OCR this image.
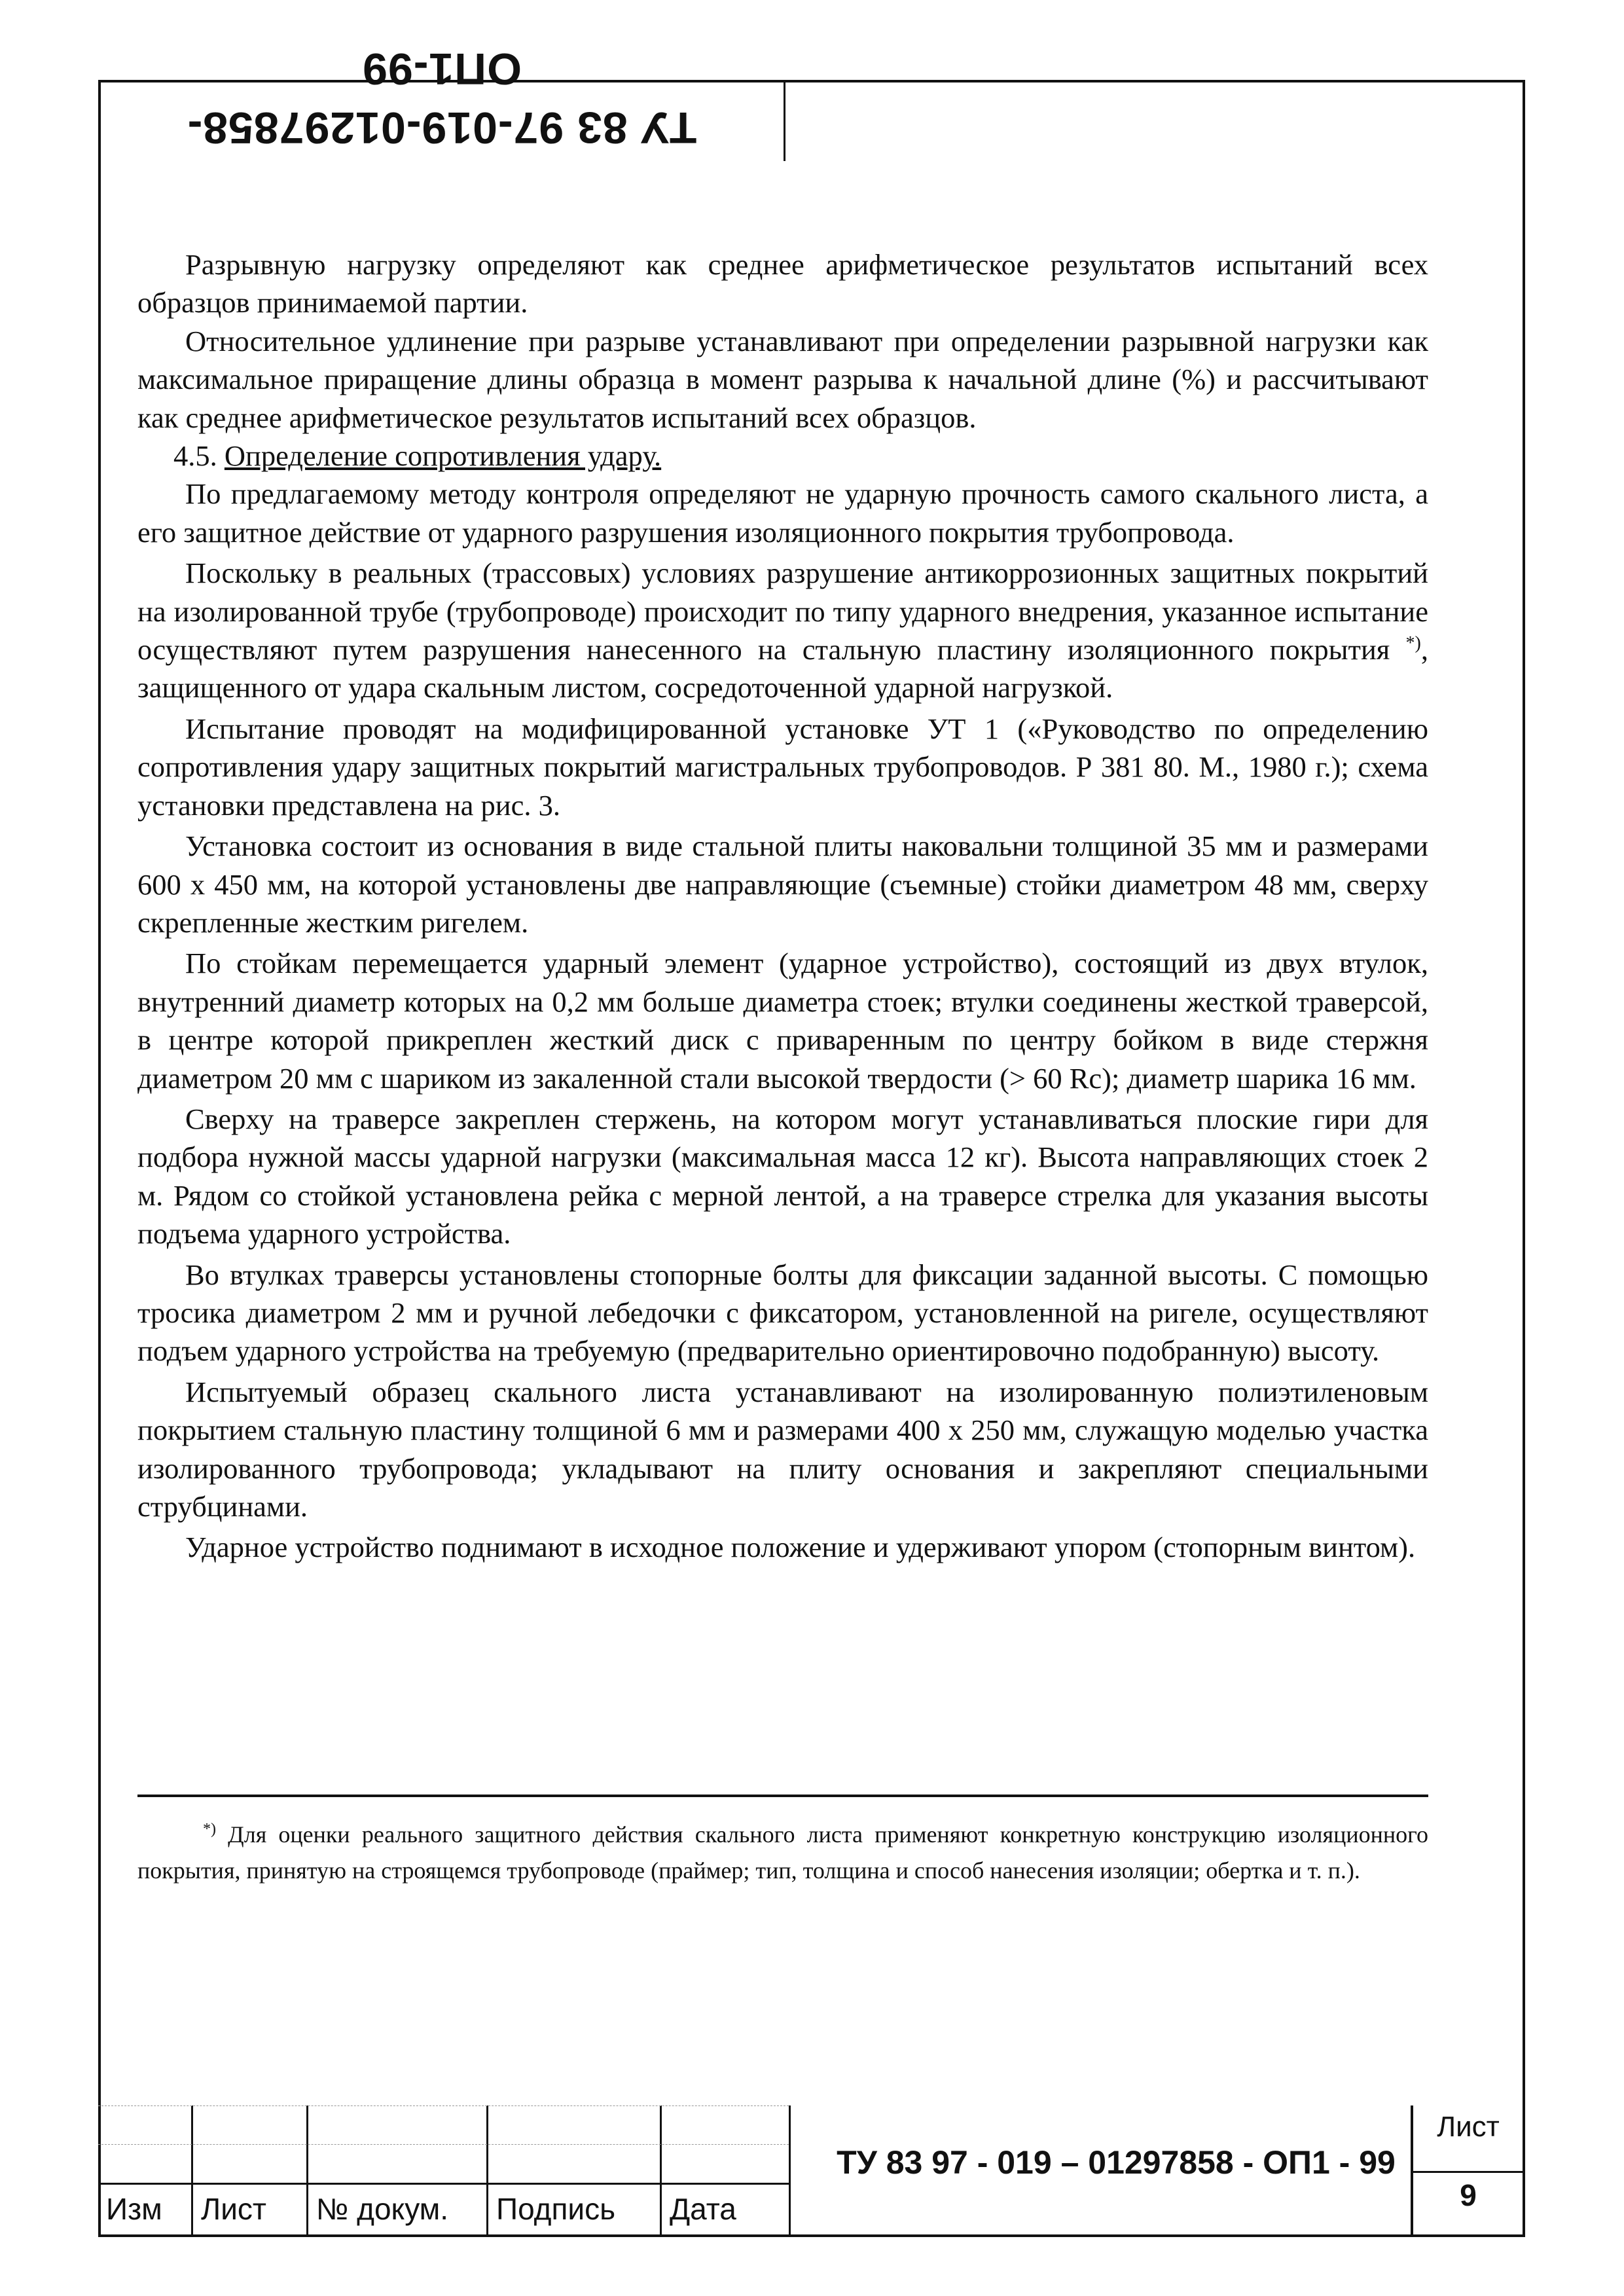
ТУ 83 97-019-01297858-ОП1-99

Разрывную нагрузку определяют как среднее арифметическое результатов испытаний всех образцов принимаемой партии.

Относительное удлинение при разрыве устанавливают при определении разрывной нагрузки как максимальное приращение длины образца в момент разрыва к начальной длине (%) и рассчитывают как среднее арифметическое результатов испытаний всех образцов.

4.5. Определение сопротивления удару.

По предлагаемому методу контроля определяют не ударную прочность самого скального листа, а его защитное действие от ударного разрушения изоляционного покрытия трубопровода.

Поскольку в реальных (трассовых) условиях разрушение антикоррозионных защитных покрытий на изолированной трубе (трубопроводе) происходит по типу ударного внедрения, указанное испытание осуществляют путем разрушения нанесенного на стальную пластину изоляционного покрытия *), защищенного от удара скальным листом, сосредоточенной ударной нагрузкой.

Испытание проводят на модифицированной установке УТ 1 («Руководство по определению сопротивления удару защитных покрытий магистральных трубопроводов. Р 381 80. М., 1980 г.); схема установки представлена на рис. 3.

Установка состоит из основания в виде стальной плиты наковальни толщиной 35 мм и размерами 600 х 450 мм, на которой установлены две направляющие (съемные) стойки диаметром 48 мм, сверху скрепленные жестким ригелем.

По стойкам перемещается ударный элемент (ударное устройство), состоящий из двух втулок, внутренний диаметр которых на 0,2 мм больше диаметра стоек; втулки соединены жесткой траверсой, в центре которой прикреплен жесткий диск с приваренным по центру бойком в виде стержня диаметром 20 мм с шариком из закаленной стали высокой твердости (> 60 Rc); диаметр шарика 16 мм.

Сверху на траверсе закреплен стержень, на котором могут устанавливаться плоские гири для подбора нужной массы ударной нагрузки (максимальная масса 12 кг). Высота направляющих стоек 2 м. Рядом со стойкой установлена рейка с мерной лентой, а на траверсе стрелка для указания высоты подъема ударного устройства.

Во втулках траверсы установлены стопорные болты для фиксации заданной высоты. С помощью тросика диаметром 2 мм и ручной лебедочки с фиксатором, установленной на ригеле, осуществляют подъем ударного устройства на требуемую (предварительно ориентировочно подобранную) высоту.

Испытуемый образец скального листа устанавливают на изолированную полиэтиленовым покрытием стальную пластину толщиной 6 мм и размерами 400 х 250 мм, служащую моделью участка изолированного трубопровода; укладывают на плиту основания и закрепляют специальными струбцинами.

Ударное устройство поднимают в исходное положение и удерживают упором (стопорным винтом).

*) Для оценки реального защитного действия скального листа применяют конкретную конструкцию изоляционного покрытия, принятую на строящемся трубопроводе (праймер; тип, толщина и способ нанесения изоляции; обертка и т. п.).
Изм	Лист	№ докум.	Подпись	Дата
ТУ 83 97 - 019 – 01297858 - ОП1 - 99
Лист
9
